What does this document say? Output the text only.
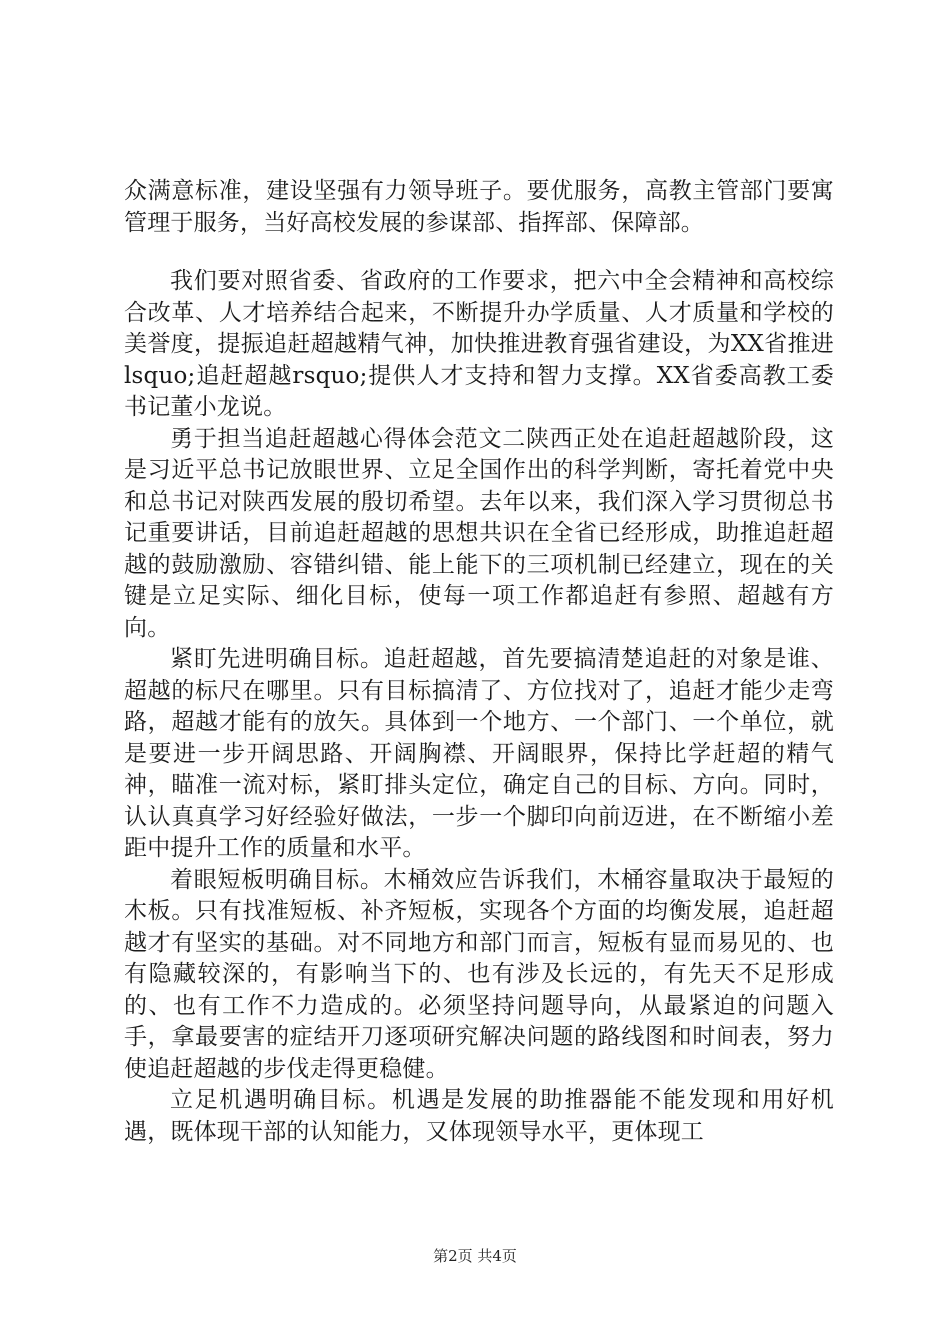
众满意标准，建设坚强有力领导班子。要优服务，高教主管部门要寓管理于服务，当好高校发展的参谋部、指挥部、保障部。

我们要对照省委、省政府的工作要求，把六中全会精神和高校综合改革、人才培养结合起来，不断提升办学质量、人才质量和学校的美誉度，提振追赶超越精气神，加快推进教育强省建设，为XX省推进lsquo;追赶超越rsquo;提供人才支持和智力支撑。XX省委高教工委书记董小龙说。

勇于担当追赶超越心得体会范文二陕西正处在追赶超越阶段，这是习近平总书记放眼世界、立足全国作出的科学判断，寄托着党中央和总书记对陕西发展的殷切希望。去年以来，我们深入学习贯彻总书记重要讲话，目前追赶超越的思想共识在全省已经形成，助推追赶超越的鼓励激励、容错纠错、能上能下的三项机制已经建立，现在的关键是立足实际、细化目标，使每一项工作都追赶有参照、超越有方向。

紧盯先进明确目标。追赶超越，首先要搞清楚追赶的对象是谁、超越的标尺在哪里。只有目标搞清了、方位找对了，追赶才能少走弯路，超越才能有的放矢。具体到一个地方、一个部门、一个单位，就是要进一步开阔思路、开阔胸襟、开阔眼界，保持比学赶超的精气神，瞄准一流对标，紧盯排头定位，确定自己的目标、方向。同时，认认真真学习好经验好做法，一步一个脚印向前迈进，在不断缩小差距中提升工作的质量和水平。

着眼短板明确目标。木桶效应告诉我们，木桶容量取决于最短的木板。只有找准短板、补齐短板，实现各个方面的均衡发展，追赶超越才有坚实的基础。对不同地方和部门而言，短板有显而易见的、也有隐藏较深的，有影响当下的、也有涉及长远的，有先天不足形成的、也有工作不力造成的。必须坚持问题导向，从最紧迫的问题入手，拿最要害的症结开刀逐项研究解决问题的路线图和时间表，努力使追赶超越的步伐走得更稳健。

立足机遇明确目标。机遇是发展的助推器能不能发现和用好机遇，既体现干部的认知能力，又体现领导水平，更体现工

第2页 共4页
